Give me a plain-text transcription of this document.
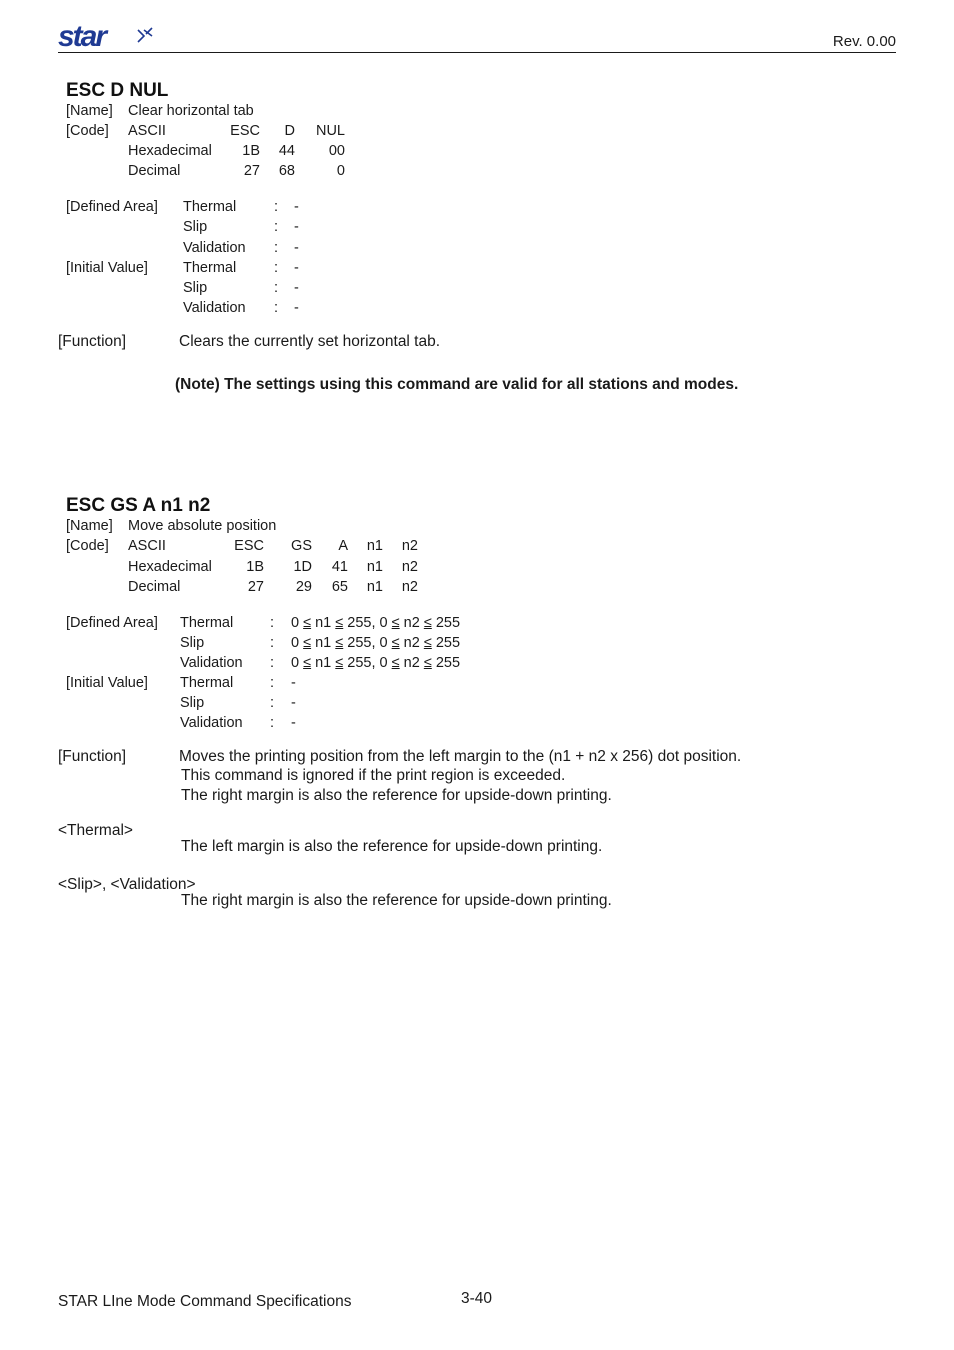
star	Rev. 0.00
ESC D NUL
[Name] Clear horizontal tab
[Code] ASCII	ESC	D	NUL
Hexadecimal	1B	44	00
Decimal	27	68	0
[Defined Area] Thermal	: -
Slip	: -
Validation : -
[Initial Value] Thermal	: -
Slip	: -
Validation : -
[Function]	Clears the currently set horizontal tab.
(Note) The settings using this command are valid for all stations and modes.
ESC GS A n1 n2
[Name] Move absolute position
[Code] ASCII	ESC	GS	A	n1	n2
Hexadecimal	1B	1D	41	n1	n2
Decimal	27	29	65	n1	n2
[Defined Area] Thermal	: 0 ≤ n1 ≤ 255, 0 ≤ n2 ≤ 255
Slip	: 0 ≤ n1 ≤ 255, 0 ≤ n2 ≤ 255
Validation : 0 ≤ n1 ≤ 255, 0 ≤ n2 ≤ 255
[Initial Value] Thermal	: -
Slip	: -
Validation : -
[Function]	Moves the printing position from the left margin to the (n1 + n2 x 256) dot position.
This command is ignored if the print region is exceeded.
The right margin is also the reference for upside-down printing.
<Thermal>
The left margin is also the reference for upside-down printing.
<Slip>, <Validation>
The right margin is also the reference for upside-down printing.
STAR LIne Mode Command Specifications	3-40
